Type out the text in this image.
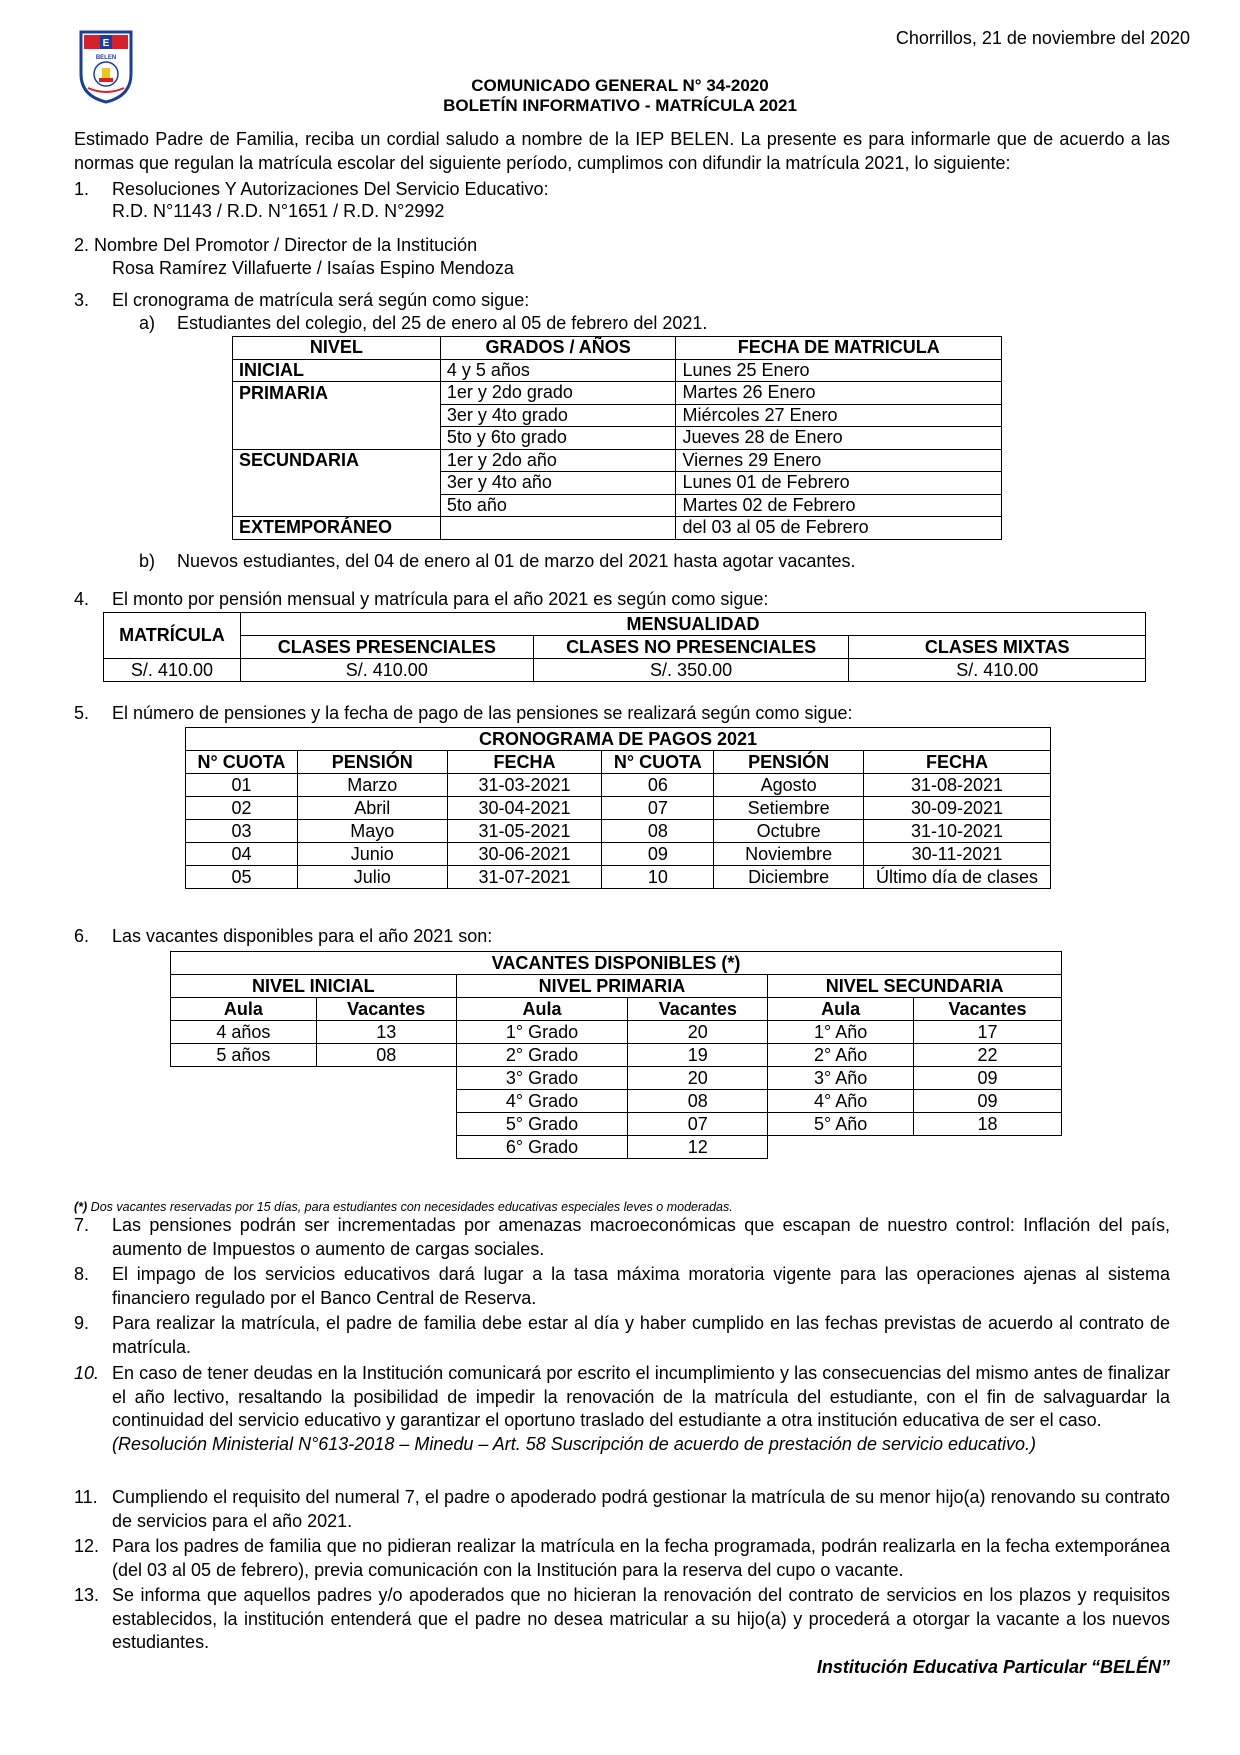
Chorrillos, 21 de noviembre del 2020
E
BELEN
COMUNICADO GENERAL N° 34-2020
BOLETÍN INFORMATIVO - MATRÍCULA 2021
Estimado Padre de Familia, reciba un cordial saludo a nombre de la IEP BELEN. La presente es para informarle que de acuerdo a las normas que regulan la matrícula escolar del siguiente período, cumplimos con difundir la matrícula 2021, lo siguiente:
1. Resoluciones Y Autorizaciones Del Servicio Educativo:
R.D. N°1143 / R.D. N°1651 / R.D. N°2992
2. Nombre Del Promotor / Director de la Institución
Rosa Ramírez Villafuerte / Isaías Espino Mendoza
3. El cronograma de matrícula será según como sigue:
a) Estudiantes del colegio, del 25 de enero al 05 de febrero del 2021.
NIVEL	GRADOS / AÑOS	FECHA DE MATRICULA
INICIAL	4 y 5 años	Lunes 25 Enero
PRIMARIA	1er y 2do grado	Martes 26 Enero
	3er y 4to grado	Miércoles 27 Enero
	5to y 6to grado	Jueves 28 de Enero
SECUNDARIA	1er y 2do año	Viernes 29 Enero
	3er y 4to año	Lunes 01 de Febrero
	5to año	Martes 02 de Febrero
EXTEMPORÁNEO		del 03 al 05 de Febrero
b) Nuevos estudiantes, del 04 de enero al 01 de marzo del 2021 hasta agotar vacantes.
4. El monto por pensión mensual y matrícula para el año 2021 es según como sigue:
MATRÍCULA	MENSUALIDAD		
	CLASES PRESENCIALES	CLASES NO PRESENCIALES	CLASES MIXTAS
S/. 410.00	S/. 410.00	S/. 350.00	S/. 410.00
5. El número de pensiones y la fecha de pago de las pensiones se realizará según como sigue:
CRONOGRAMA DE PAGOS 2021					
N° CUOTA	PENSIÓN	FECHA	N° CUOTA	PENSIÓN	FECHA
01	Marzo	31-03-2021	06	Agosto	31-08-2021
02	Abril	30-04-2021	07	Setiembre	30-09-2021
03	Mayo	31-05-2021	08	Octubre	31-10-2021
04	Junio	30-06-2021	09	Noviembre	30-11-2021
05	Julio	31-07-2021	10	Diciembre	Último día de clases
6. Las vacantes disponibles para el año 2021 son:
VACANTES DISPONIBLES (*)					
NIVEL INICIAL		NIVEL PRIMARIA		NIVEL SECUNDARIA	
Aula	Vacantes	Aula	Vacantes	Aula	Vacantes
4 años	13	1° Grado	20	1° Año	17
5 años	08	2° Grado	19	2° Año	22
		3° Grado	20	3° Año	09
		4° Grado	08	4° Año	09
		5° Grado	07	5° Año	18
		6° Grado	12		
(*) Dos vacantes reservadas por 15 días, para estudiantes con necesidades educativas especiales leves o moderadas.
7. Las pensiones podrán ser incrementadas por amenazas macroeconómicas que escapan de nuestro control: Inflación del país, aumento de Impuestos o aumento de cargas sociales.
8. El impago de los servicios educativos dará lugar a la tasa máxima moratoria vigente para las operaciones ajenas al sistema financiero regulado por el Banco Central de Reserva.
9. Para realizar la matrícula, el padre de familia debe estar al día y haber cumplido en las fechas previstas de acuerdo al contrato de matrícula.
10. En caso de tener deudas en la Institución comunicará por escrito el incumplimiento y las consecuencias del mismo antes de finalizar el año lectivo, resaltando la posibilidad de impedir la renovación de la matrícula del estudiante, con el fin de salvaguardar la continuidad del servicio educativo y garantizar el oportuno traslado del estudiante a otra institución educativa de ser el caso.
(Resolución Ministerial N°613-2018 – Minedu – Art. 58 Suscripción de acuerdo de prestación de servicio educativo.)
11. Cumpliendo el requisito del numeral 7, el padre o apoderado podrá gestionar la matrícula de su menor hijo(a) renovando su contrato de servicios para el año 2021.
12. Para los padres de familia que no pidieran realizar la matrícula en la fecha programada, podrán realizarla en la fecha extemporánea (del 03 al 05 de febrero), previa comunicación con la Institución para la reserva del cupo o vacante.
13. Se informa que aquellos padres y/o apoderados que no hicieran la renovación del contrato de servicios en los plazos y requisitos establecidos, la institución entenderá que el padre no desea matricular a su hijo(a) y procederá a otorgar la vacante a los nuevos estudiantes.
Institución Educativa Particular “BELÉN”
